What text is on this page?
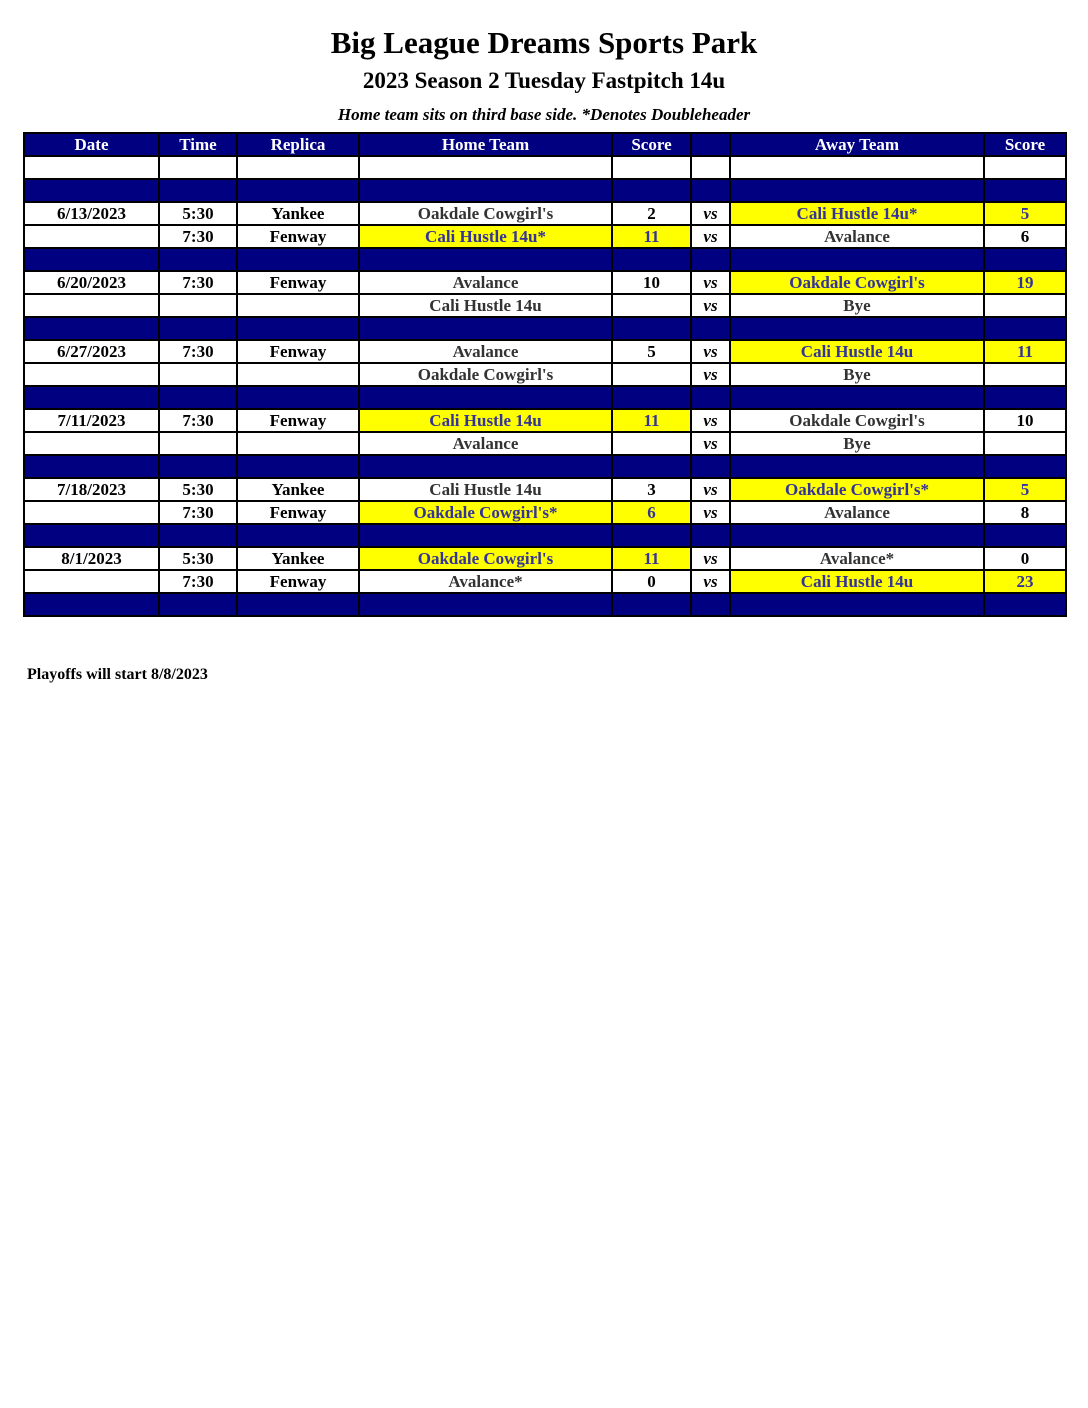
Big League Dreams Sports Park
2023 Season 2 Tuesday Fastpitch 14u
Home team sits on third base side. *Denotes Doubleheader
Date	Time	Replica	Home Team	Score		Away Team	Score

6/13/2023	5:30	Yankee	Oakdale Cowgirl's	2	vs	Cali Hustle 14u*	5
	7:30	Fenway	Cali Hustle 14u*	11	vs	Avalance	6

6/20/2023	7:30	Fenway	Avalance	10	vs	Oakdale Cowgirl's	19
			Cali Hustle 14u		vs	Bye	

6/27/2023	7:30	Fenway	Avalance	5	vs	Cali Hustle 14u	11
			Oakdale Cowgirl's		vs	Bye	

7/11/2023	7:30	Fenway	Cali Hustle 14u	11	vs	Oakdale Cowgirl's	10
			Avalance		vs	Bye	

7/18/2023	5:30	Yankee	Cali Hustle 14u	3	vs	Oakdale Cowgirl's*	5
	7:30	Fenway	Oakdale Cowgirl's*	6	vs	Avalance	8

8/1/2023	5:30	Yankee	Oakdale Cowgirl's	11	vs	Avalance*	0
	7:30	Fenway	Avalance*	0	vs	Cali Hustle 14u	23

Playoffs will start 8/8/2023
